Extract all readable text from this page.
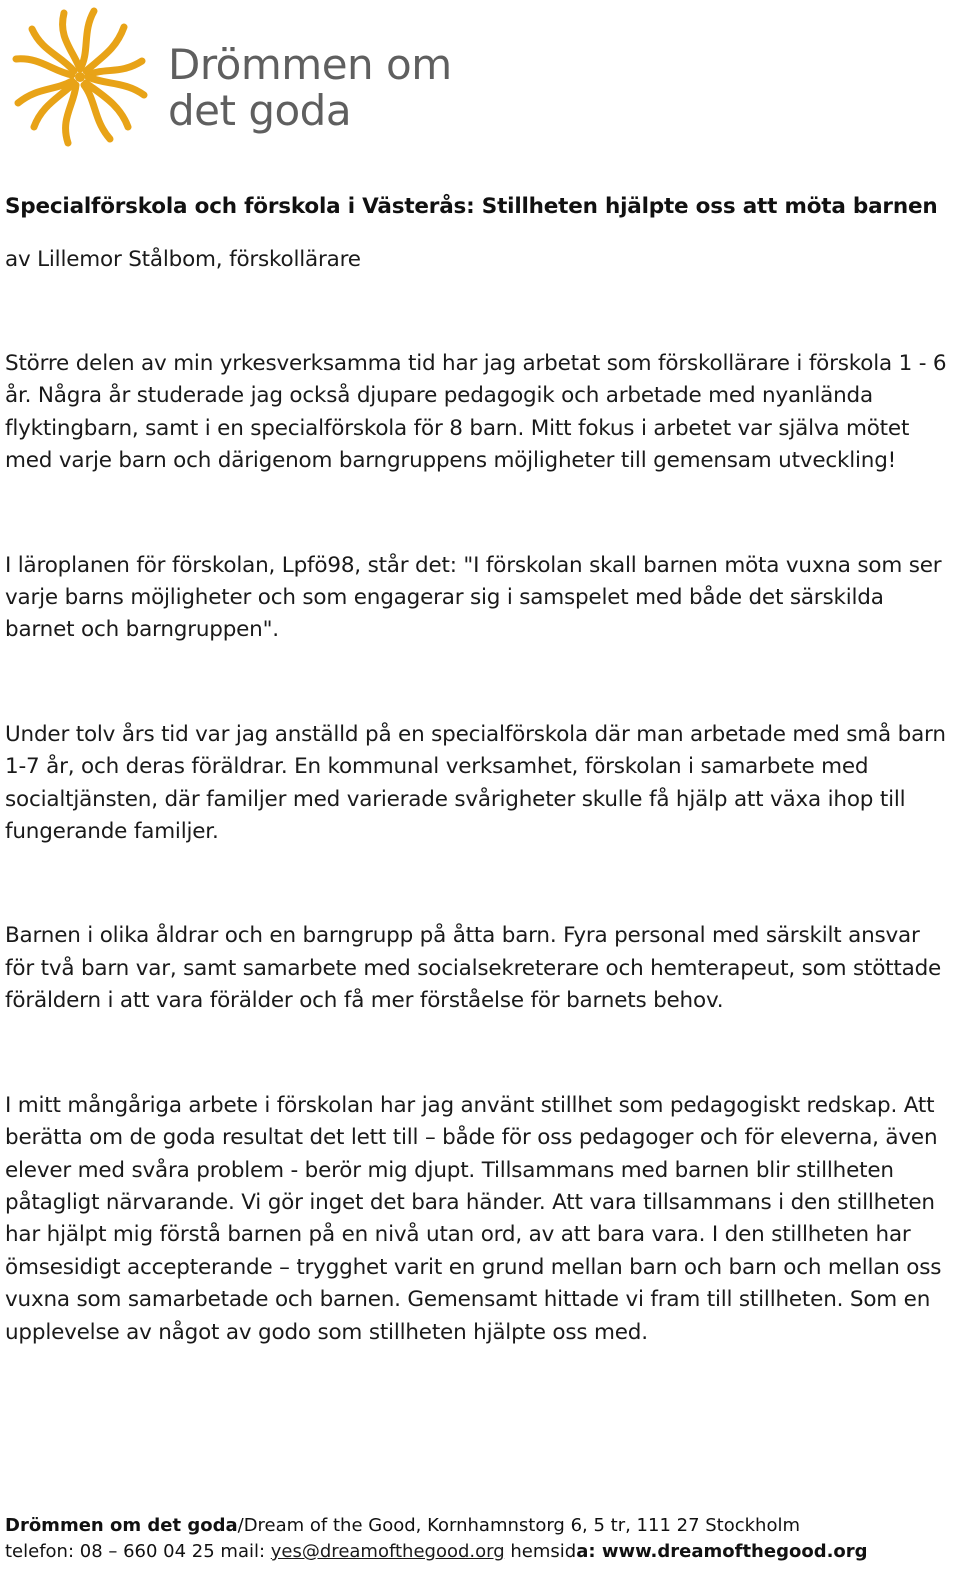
Drömmen om
det goda
Specialförskola och förskola i Västerås: Stillheten hjälpte oss att möta barnen

av Lillemor Stålbom, förskollärare

Större delen av min yrkesverksamma tid har jag arbetat som förskollärare i förskola 1 - 6 år. Några år studerade jag också djupare pedagogik och arbetade med nyanlända flyktingbarn, samt i en specialförskola för 8 barn. Mitt fokus i arbetet var själva mötet med varje barn och därigenom barngruppens möjligheter till gemensam utveckling!

I läroplanen för förskolan, Lpfö98, står det: "I förskolan skall barnen möta vuxna som ser varje barns möjligheter och som engagerar sig i samspelet med både det särskilda barnet och barngruppen".

Under tolv års tid var jag anställd på en specialförskola där man arbetade med små barn 1-7 år, och deras föräldrar. En kommunal verksamhet, förskolan i samarbete med socialtjänsten, där familjer med varierade svårigheter skulle få hjälp att växa ihop till fungerande familjer.

Barnen i olika åldrar och en barngrupp på åtta barn. Fyra personal med särskilt ansvar för två barn var, samt samarbete med socialsekreterare och hemterapeut, som stöttade föräldern i att vara förälder och få mer förståelse för barnets behov.

I mitt mångåriga arbete i förskolan har jag använt stillhet som pedagogiskt redskap. Att berätta om de goda resultat det lett till – både för oss pedagoger och för eleverna, även elever med svåra problem - berör mig djupt. Tillsammans med barnen blir stillheten påtagligt närvarande. Vi gör inget det bara händer. Att vara tillsammans i den stillheten har hjälpt mig förstå barnen på en nivå utan ord, av att bara vara. I den stillheten har ömsesidigt accepterande – trygghet varit en grund mellan barn och barn och mellan oss vuxna som samarbetade och barnen. Gemensamt hittade vi fram till stillheten. Som en upplevelse av något av godo som stillheten hjälpte oss med.

Drömmen om det goda/Dream of the Good, Kornhamnstorg 6, 5 tr, 111 27 Stockholm
telefon: 08 – 660 04 25 mail: yes@dreamofthegood.org hemsida: www.dreamofthegood.org
